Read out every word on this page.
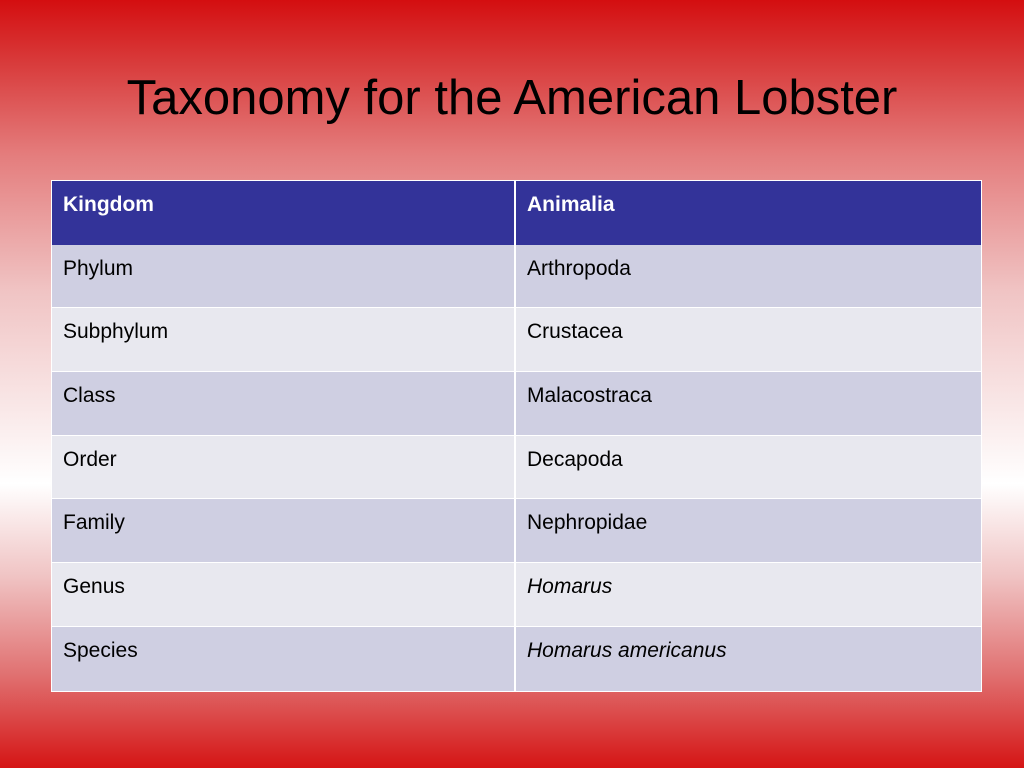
Taxonomy for the American Lobster
Kingdom	Animalia
Phylum	Arthropoda
Subphylum	Crustacea
Class	Malacostraca
Order	Decapoda
Family	Nephropidae
Genus	Homarus
Species	Homarus americanus
